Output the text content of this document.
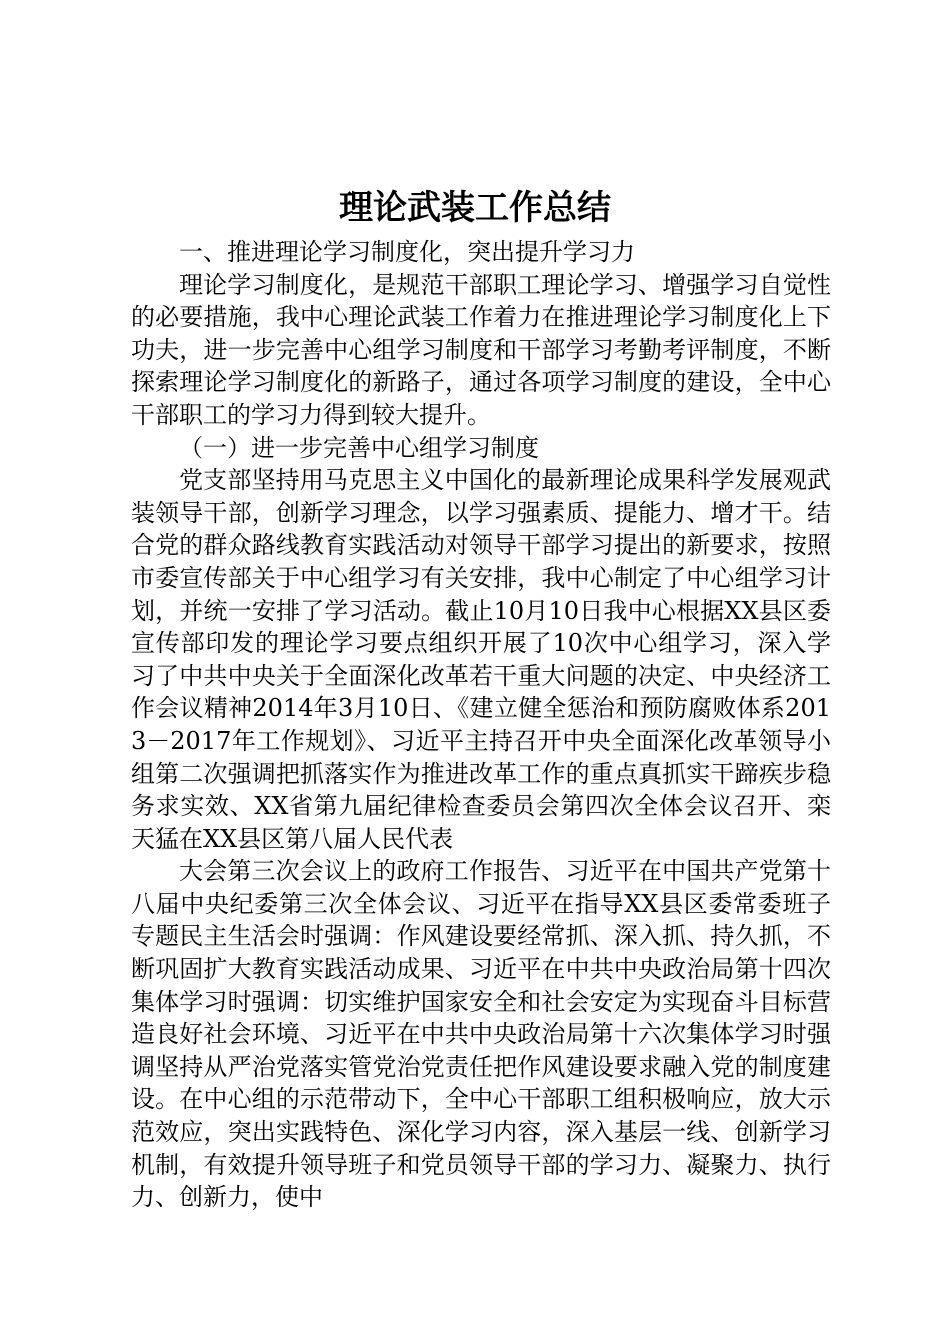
理论武装工作总结

一、推进理论学习制度化，突出提升学习力

理论学习制度化，是规范干部职工理论学习、增强学习自觉性的必要措施，我中心理论武装工作着力在推进理论学习制度化上下功夫，进一步完善中心组学习制度和干部学习考勤考评制度，不断探索理论学习制度化的新路子，通过各项学习制度的建设，全中心干部职工的学习力得到较大提升。

（一）进一步完善中心组学习制度

党支部坚持用马克思主义中国化的最新理论成果科学发展观武装领导干部，创新学习理念，以学习强素质、提能力、增才干。结合党的群众路线教育实践活动对领导干部学习提出的新要求，按照市委宣传部关于中心组学习有关安排，我中心制定了中心组学习计划，并统一安排了学习活动。截止10月10日我中心根据XX县区委宣传部印发的理论学习要点组织开展了10次中心组学习，深入学习了中共中央关于全面深化改革若干重大问题的决定、中央经济工作会议精神2014年3月10日、《建立健全惩治和预防腐败体系2013－2017年工作规划》、习近平主持召开中央全面深化改革领导小组第二次强调把抓落实作为推进改革工作的重点真抓实干蹄疾步稳务求实效、XX省第九届纪律检查委员会第四次全体会议召开、栾天猛在XX县区第八届人民代表

大会第三次会议上的政府工作报告、习近平在中国共产党第十八届中央纪委第三次全体会议、习近平在指导XX县区委常委班子专题民主生活会时强调：作风建设要经常抓、深入抓、持久抓，不断巩固扩大教育实践活动成果、习近平在中共中央政治局第十四次集体学习时强调：切实维护国家安全和社会安定为实现奋斗目标营造良好社会环境、习近平在中共中央政治局第十六次集体学习时强调坚持从严治党落实管党治党责任把作风建设要求融入党的制度建设。在中心组的示范带动下，全中心干部职工组积极响应，放大示范效应，突出实践特色、深化学习内容，深入基层一线、创新学习机制，有效提升领导班子和党员领导干部的学习力、凝聚力、执行力、创新力，使中
